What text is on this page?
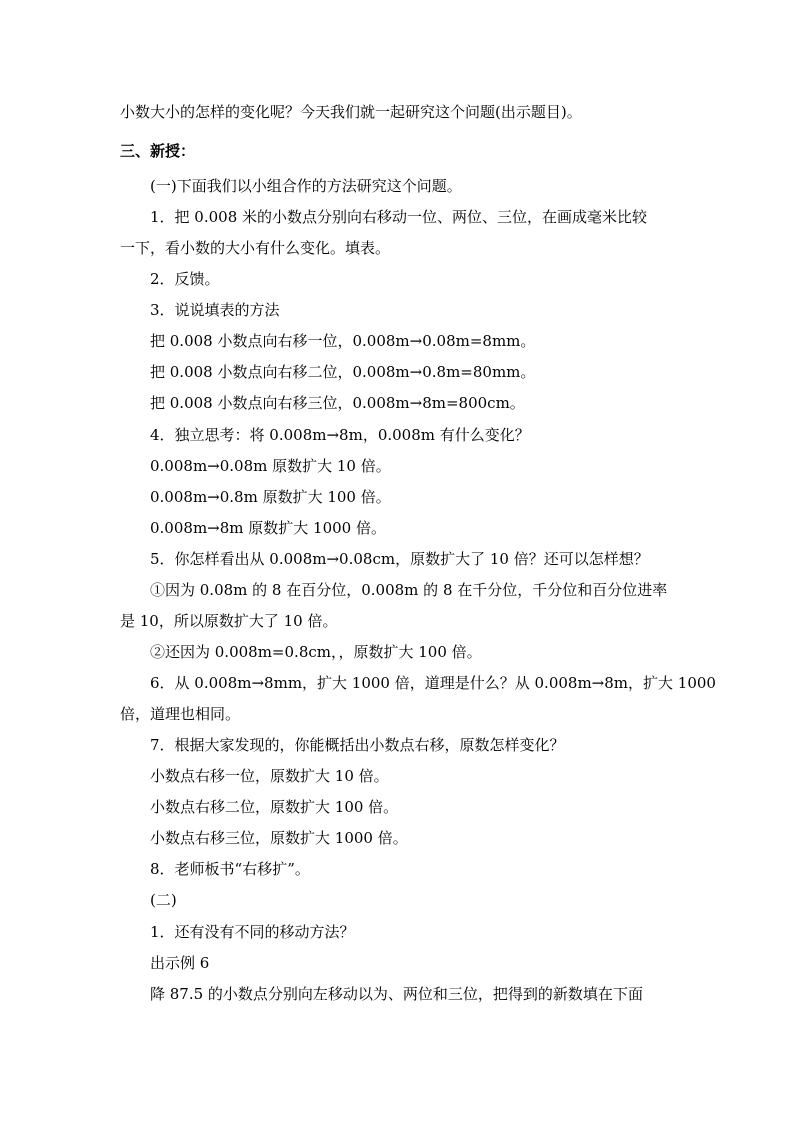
小数大小的怎样的变化呢？今天我们就一起研究这个问题(出示题目)。
三、新授：
(一)下面我们以小组合作的方法研究这个问题。
1．把 0.008 米的小数点分别向右移动一位、两位、三位，在画成毫米比较
一下，看小数的大小有什么变化。填表。
2．反馈。
3．说说填表的方法
把 0.008 小数点向右移一位，0.008m→0.08m=8mm。
把 0.008 小数点向右移二位，0.008m→0.8m=80mm。
把 0.008 小数点向右移三位，0.008m→8m=800cm。
4．独立思考：将 0.008m→8m，0.008m 有什么变化？
0.008m→0.08m 原数扩大 10 倍。
0.008m→0.8m 原数扩大 100 倍。
0.008m→8m 原数扩大 1000 倍。
5．你怎样看出从 0.008m→0.08cm，原数扩大了 10 倍？还可以怎样想？
①因为 0.08m 的 8 在百分位，0.008m 的 8 在千分位，千分位和百分位进率
是 10，所以原数扩大了 10 倍。
②还因为 0.008m=0.8cm，，原数扩大 100 倍。
6．从 0.008m→8mm，扩大 1000 倍，道理是什么？从 0.008m→8m，扩大 1000
倍，道理也相同。
7．根据大家发现的，你能概括出小数点右移，原数怎样变化？
小数点右移一位，原数扩大 10 倍。
小数点右移二位，原数扩大 100 倍。
小数点右移三位，原数扩大 1000 倍。
8．老师板书“右移扩”。
(二)
1．还有没有不同的移动方法？
出示例 6
降 87.5 的小数点分别向左移动以为、两位和三位，把得到的新数填在下面
